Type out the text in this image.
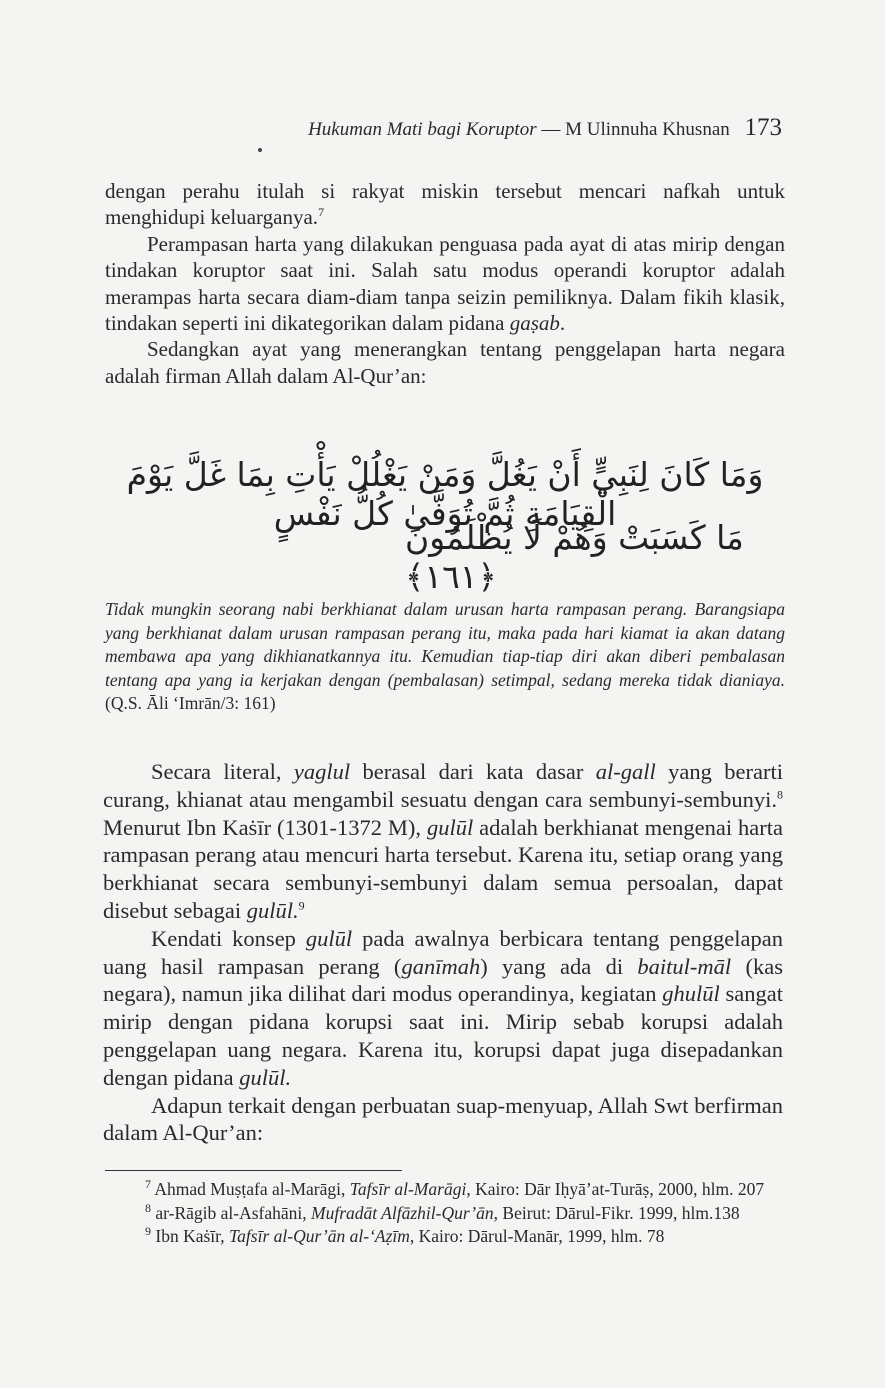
Hukuman Mati bagi Koruptor — M Ulinnuha Khusnan 173

dengan perahu itulah si rakyat miskin tersebut mencari nafkah untuk menghidupi keluarganya.$^7$

Perampasan harta yang dilakukan penguasa pada ayat di atas mirip dengan tindakan koruptor saat ini. Salah satu modus operandi koruptor adalah merampas harta secara diam-diam tanpa seizin pemiliknya. Dalam fikih klasik, tindakan seperti ini dikategorikan dalam pidana gaṣab.

Sedangkan ayat yang menerangkan tentang penggelapan harta negara adalah firman Allah dalam Al-Qur’an:

وَمَا كَانَ لِنَبِيٍّ أَنْ يَغُلَّ وَمَنْ يَغْلُلْ يَأْتِ بِمَا غَلَّ يَوْمَ الْقِيَامَةِ ثُمَّ تُوَفَّىٰ كُلُّ نَفْسٍ
مَا كَسَبَتْ وَهُمْ لَا يُظْلَمُونَ ﴿١٦١﴾
Tidak mungkin seorang nabi berkhianat dalam urusan harta rampasan perang. Barangsiapa yang berkhianat dalam urusan rampasan perang itu, maka pada hari kiamat ia akan datang membawa apa yang dikhianatkannya itu. Kemudian tiap-tiap diri akan diberi pembalasan tentang apa yang ia kerjakan dengan (pembalasan) setimpal, sedang mereka tidak dianiaya. (Q.S. Āli ‘Imrān/3: 161)

Secara literal, yaglul berasal dari kata dasar al-gall yang berarti curang, khianat atau mengambil sesuatu dengan cara sembunyi-sembunyi.$^8$ Menurut Ibn Kaṡīr (1301-1372 M), gulūl adalah berkhianat mengenai harta rampasan perang atau mencuri harta tersebut. Karena itu, setiap orang yang berkhianat secara sembunyi-sembunyi dalam semua persoalan, dapat disebut sebagai gulūl.$^9$

Kendati konsep gulūl pada awalnya berbicara tentang penggelapan uang hasil rampasan perang (ganīmah) yang ada di baitul-māl (kas negara), namun jika dilihat dari modus operandinya, kegiatan ghulūl sangat mirip dengan pidana korupsi saat ini. Mirip sebab korupsi adalah penggelapan uang negara. Karena itu, korupsi dapat juga disepadankan dengan pidana gulūl.

Adapun terkait dengan perbuatan suap-menyuap, Allah Swt berfirman dalam Al-Qur’an:

$^7$ Ahmad Muṣṭafa al-Marāgi, Tafsīr al-Marāgi, Kairo: Dār Iḥyā’at-Turāṣ, 2000, hlm. 207

$^8$ ar-Rāgib al-Asfahāni, Mufradāt Alfāzhil-Qur’ān, Beirut: Dārul-Fikr. 1999, hlm.138

$^9$ Ibn Kaṡīr, Tafsīr al-Qur’ān al-‘Aẓīm, Kairo: Dārul-Manār, 1999, hlm. 78
